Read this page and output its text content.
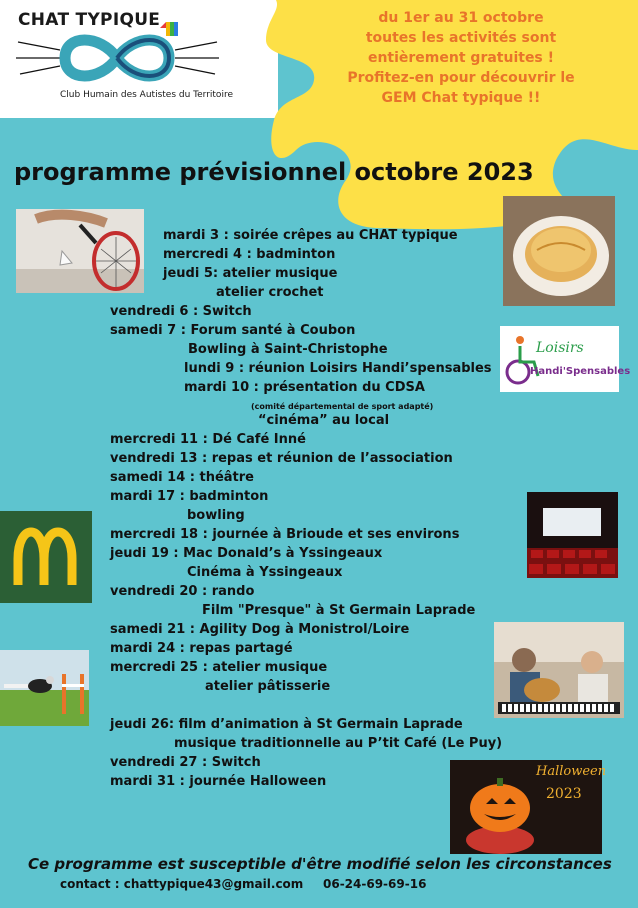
CHAT TYPIQUE
Club Humain des Autistes du Territoire
du 1er au 31 octobre
toutes les activités sont
entièrement gratuites !
Profitez-en pour découvrir le
GEM Chat typique !!
programme prévisionnel octobre 2023
mardi 3 : soirée crêpes au CHAT typique
mercredi 4 : badminton
jeudi 5: atelier musique
atelier crochet
vendredi 6 : Switch
samedi 7 : Forum santé à Coubon
Bowling à Saint-Christophe
lundi 9 : réunion Loisirs Handi’spensables
mardi 10 : présentation du CDSA
(comité départemental de sport adapté)
“cinéma” au local
mercredi 11 : Dé Café Inné
vendredi 13 : repas et réunion de l’association
samedi 14 : théâtre
mardi 17 : badminton
bowling
mercredi 18 : journée à Brioude et ses environs
jeudi 19 : Mac Donald’s à Yssingeaux
Cinéma à Yssingeaux
vendredi 20 : rando
Film "Presque" à St Germain Laprade
samedi 21 : Agility Dog à Monistrol/Loire
mardi 24 : repas partagé
mercredi 25 : atelier musique
atelier pâtisserie
jeudi 26: film d’animation à St Germain Laprade
musique traditionnelle au P’tit Café (Le Puy)
vendredi 27 : Switch
mardi 31 : journée Halloween
Loisirs
Handi'Spensables
Halloween
2023
Ce programme est susceptible d'être modifié selon les circonstances
contact : chattypique43@gmail.com 06-24-69-69-16
